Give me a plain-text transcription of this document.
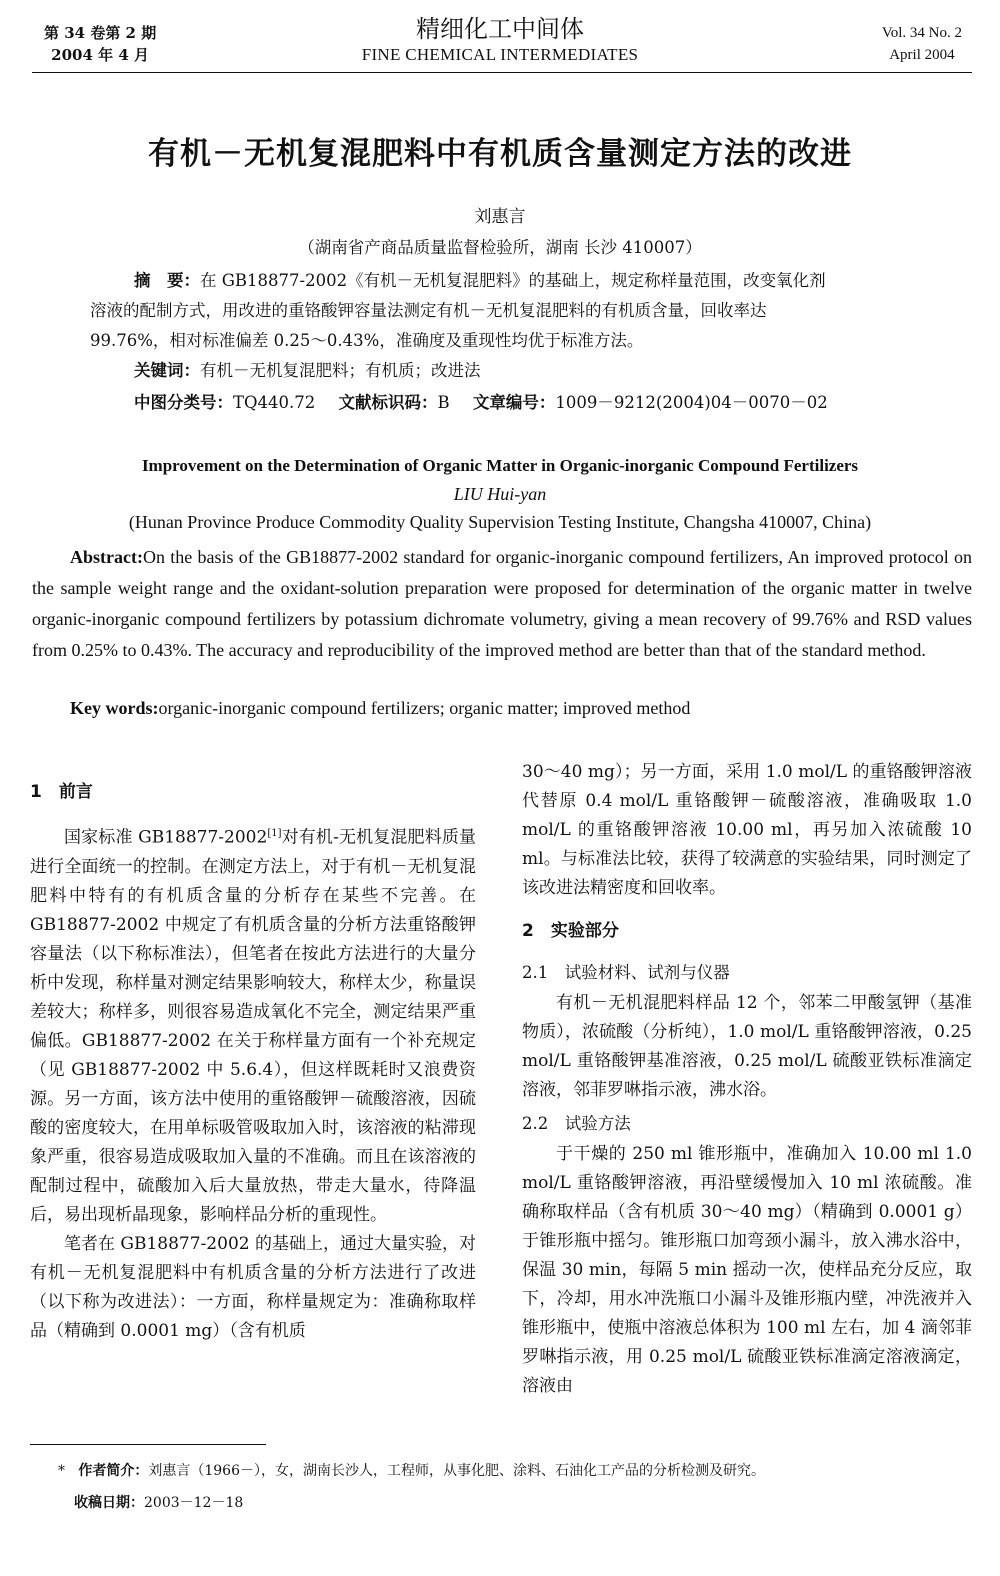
第 34 卷第 2 期
2004 年 4 月
精细化工中间体
FINE CHEMICAL INTERMEDIATES
Vol. 34 No. 2
April 2004
有机－无机复混肥料中有机质含量测定方法的改进
刘惠言
（湖南省产商品质量监督检验所，湖南 长沙 410007）
摘　要：在 GB18877-2002《有机－无机复混肥料》的基础上，规定称样量范围，改变氧化剂
溶液的配制方式，用改进的重铬酸钾容量法测定有机－无机复混肥料的有机质含量，回收率达
99.76%，相对标准偏差 0.25～0.43%，准确度及重现性均优于标准方法。
关键词：有机－无机复混肥料；有机质；改进法
中图分类号：TQ440.72 文献标识码：B 文章编号：1009－9212(2004)04－0070－02
Improvement on the Determination of Organic Matter in Organic-inorganic Compound Fertilizers
LIU Hui-yan
(Hunan Province Produce Commodity Quality Supervision Testing Institute, Changsha 410007, China)
Abstract:On the basis of the GB18877-2002 standard for organic-inorganic compound fertilizers, An improved protocol on the sample weight range and the oxidant-solution preparation were proposed for determination of the organic matter in twelve organic-inorganic compound fertilizers by potassium dichromate volumetry, giving a mean recovery of 99.76% and RSD values from 0.25% to 0.43%. The accuracy and reproducibility of the improved method are better than that of the standard method.
Key words:organic-inorganic compound fertilizers; organic matter; improved method
1　前言

国家标准 GB18877-2002[1]对有机-无机复混肥料质量进行全面统一的控制。在测定方法上，对于有机－无机复混肥料中特有的有机质含量的分析存在某些不完善。在 GB18877-2002 中规定了有机质含量的分析方法重铬酸钾容量法（以下称标准法），但笔者在按此方法进行的大量分析中发现，称样量对测定结果影响较大，称样太少，称量误差较大；称样多，则很容易造成氧化不完全，测定结果严重偏低。GB18877-2002 在关于称样量方面有一个补充规定（见 GB18877-2002 中 5.6.4），但这样既耗时又浪费资源。另一方面，该方法中使用的重铬酸钾－硫酸溶液，因硫酸的密度较大，在用单标吸管吸取加入时，该溶液的粘滞现象严重，很容易造成吸取加入量的不准确。而且在该溶液的配制过程中，硫酸加入后大量放热，带走大量水，待降温后，易出现析晶现象，影响样品分析的重现性。

笔者在 GB18877-2002 的基础上，通过大量实验，对有机－无机复混肥料中有机质含量的分析方法进行了改进（以下称为改进法）：一方面，称样量规定为：准确称取样品（精确到 0.0001 mg）（含有机质

30～40 mg）；另一方面，采用 1.0 mol/L 的重铬酸钾溶液代替原 0.4 mol/L 重铬酸钾－硫酸溶液，准确吸取 1.0 mol/L 的重铬酸钾溶液 10.00 ml，再另加入浓硫酸 10 ml。与标准法比较，获得了较满意的实验结果，同时测定了该改进法精密度和回收率。

2　实验部分
2.1　试验材料、试剂与仪器

有机－无机混肥料样品 12 个，邻苯二甲酸氢钾（基准物质），浓硫酸（分析纯），1.0 mol/L 重铬酸钾溶液，0.25 mol/L 重铬酸钾基准溶液，0.25 mol/L 硫酸亚铁标准滴定溶液，邻菲罗啉指示液，沸水浴。

2.2　试验方法

于干燥的 250 ml 锥形瓶中，准确加入 10.00 ml 1.0 mol/L 重铬酸钾溶液，再沿壁缓慢加入 10 ml 浓硫酸。准确称取样品（含有机质 30～40 mg）（精确到 0.0001 g）于锥形瓶中摇匀。锥形瓶口加弯颈小漏斗，放入沸水浴中，保温 30 min，每隔 5 min 摇动一次，使样品充分反应，取下，冷却，用水冲洗瓶口小漏斗及锥形瓶内壁，冲洗液并入锥形瓶中，使瓶中溶液总体积为 100 ml 左右，加 4 滴邻菲罗啉指示液，用 0.25 mol/L 硫酸亚铁标准滴定溶液滴定，溶液由

* 作者简介：刘惠言（1966－），女，湖南长沙人，工程师，从事化肥、涂料、石油化工产品的分析检测及研究。
收稿日期：2003－12－18
